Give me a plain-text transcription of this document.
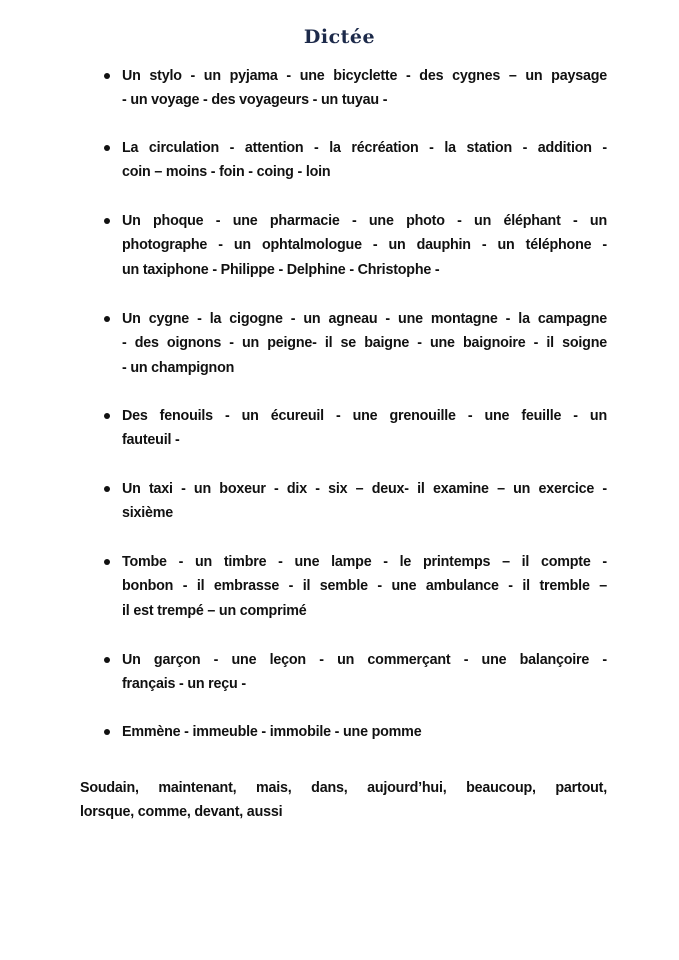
Dictée
Un stylo - un pyjama - une bicyclette - des cygnes – un paysage
- un voyage - des voyageurs - un tuyau -
La circulation - attention - la récréation - la station - addition -
coin – moins - foin - coing - loin
Un phoque - une pharmacie - une photo - un éléphant - un
photographe - un ophtalmologue - un dauphin - un téléphone -
un taxiphone - Philippe - Delphine - Christophe -
Un cygne - la cigogne - un agneau - une montagne - la campagne
- des oignons - un peigne- il se baigne - une baignoire - il soigne
- un champignon
Des fenouils - un écureuil - une grenouille - une feuille - un
fauteuil -
Un taxi - un boxeur - dix - six – deux- il examine – un exercice -
sixième
Tombe - un timbre - une lampe - le printemps – il compte -
bonbon - il embrasse - il semble - une ambulance - il tremble –
il est trempé – un comprimé
Un garçon - une leçon - un commerçant - une balançoire -
français - un reçu -
Emmène - immeuble - immobile - une pomme
Soudain, maintenant, mais, dans, aujourd’hui, beaucoup, partout,
lorsque, comme, devant, aussi
